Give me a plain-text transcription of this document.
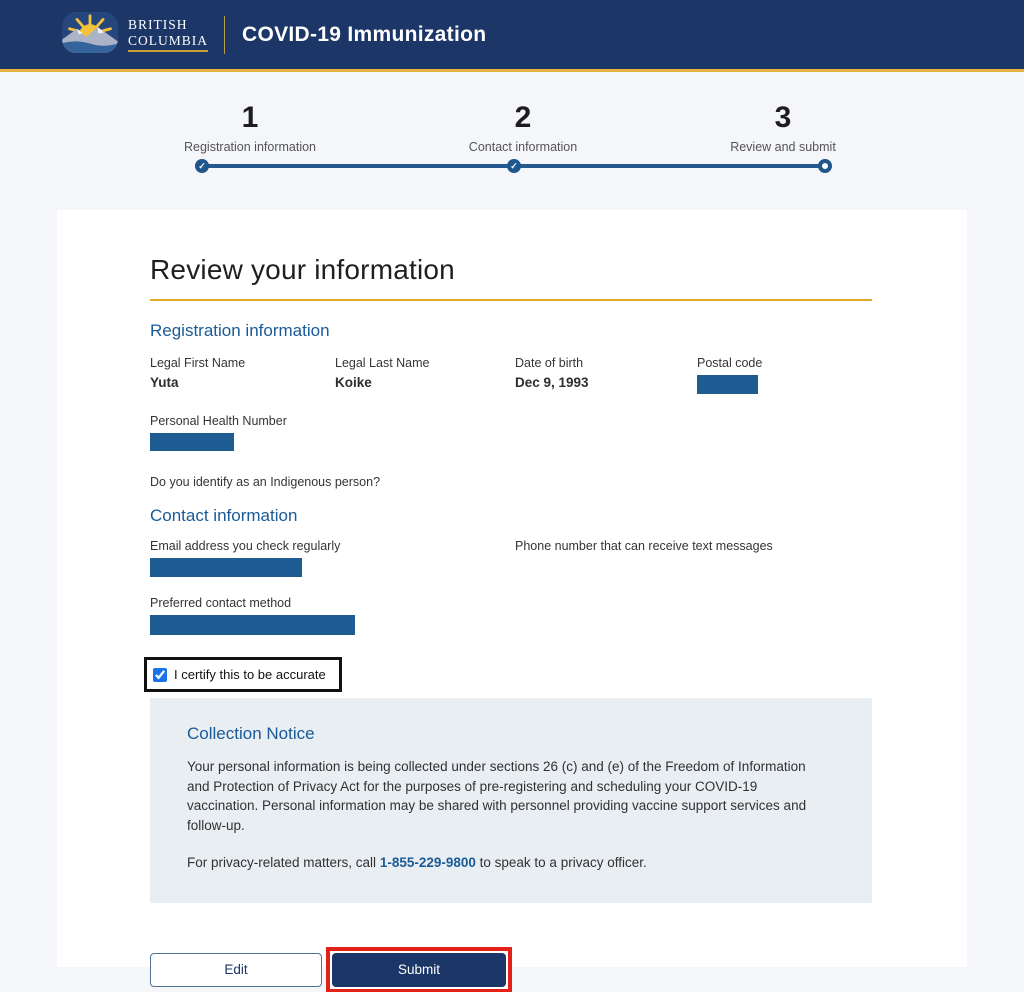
BRITISH
COLUMBIA COVID-19 Immunization
1
Registration information
2
Contact information
3
Review and submit
✓	✓
Review your information
Registration information
Legal First Name
Yuta
Legal Last Name
Koike
Date of birth
Dec 9, 1993
Postal code
Personal Health Number
Do you identify as an Indigenous person?
Contact information
Email address you check regularly	Phone number that can receive text messages
Preferred contact method
I certify this to be accurate
Collection Notice

Your personal information is being collected under sections 26 (c) and (e) of the Freedom of Information and Protection of Privacy Act for the purposes of pre-registering and scheduling your COVID-19 vaccination. Personal information may be shared with personnel providing vaccine support services and follow-up.

For privacy-related matters, call 1-855-229-9800 to speak to a privacy officer.

Edit	Submit
